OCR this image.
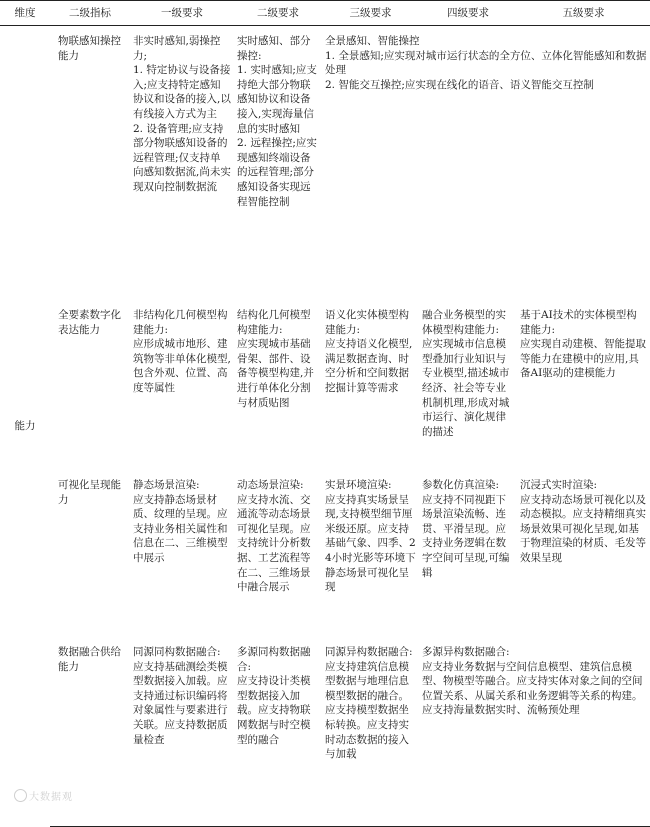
维度	二级指标	一级要求	二级要求	三级要求	四级要求	五级要求
能力	物联感知操控能力	非实时感知,弱操控力;
1. 特定协议与设备接入;应支持特定感知协议和设备的接入,以有线接入方式为主
2. 设备管理;应支持部分物联感知设备的远程管理;仅支持单向感知数据流,尚未实现双向控制数据流	实时感知、部分操控:
1. 实时感知;应支持绝大部分物联感知协议和设备接入,实现海量信息的实时感知
2. 远程操控;应实现感知终端设备的远程管理;部分感知设备实现远程智能控制	全景感知、智能操控
1. 全景感知;应实现对城市运行状态的全方位、立体化智能感知和数据处理
2. 智能交互操控;应实现在线化的语音、语义智能交互控制		
	全要素数字化表达能力	非结构化几何模型构建能力:
应形成城市地形、建筑物等非单体化模型,包含外观、位置、高度等属性	结构化几何模型构建能力:
应实现城市基础骨架、部件、设备等模型构建,并进行单体化分割与材质贴图	语义化实体模型构建能力:
应支持语义化模型,满足数据查询、时空分析和空间数据挖掘计算等需求	融合业务模型的实体模型构建能力:
应实现城市信息模型叠加行业知识与专业模型,描述城市经济、社会等专业机制机理,形成对城市运行、演化规律的描述	基于AI技术的实体模型构建能力:
应实现自动建模、智能提取等能力在建模中的应用,具备AI驱动的建模能力
	可视化呈现能力	静态场景渲染:
应支持静态场景材质、纹理的呈现。应支持业务相关属性和信息在二、三维模型中展示	动态场景渲染:
应支持水流、交通流等动态场景可视化呈现。应支持统计分析数据、工艺流程等在二、三维场景中融合展示	实景环境渲染:
应支持真实场景呈现,支持模型细节厘米级还原。应支持基础气象、四季、24小时光影等环境下静态场景可视化呈现	参数化仿真渲染:
应支持不同视距下场景渲染流畅、连贯、平滑呈现。应支持业务逻辑在数字空间可呈现,可编辑	沉浸式实时渲染:
应支持动态场景可视化以及动态模拟。应支持精细真实场景效果可视化呈现,如基于物理渲染的材质、毛发等效果呈现
	数据融合供给能力	同源同构数据融合:
应支持基础测绘类模型数据接入加载。应支持通过标识编码将对象属性与要素进行关联。应支持数据质量检查	多源同构数据融合:
应支持设计类模型数据接入加载。应支持物联网数据与时空模型的融合	同源异构数据融合:
应支持建筑信息模型数据与地理信息模型数据的融合。应支持模型数据坐标转换。应支持实时动态数据的接入与加载	多源异构数据融合:
应支持业务数据与空间信息模型、建筑信息模型、物模型等融合。应支持实体对象之间的空间位置关系、从属关系和业务逻辑等关系的构建。应支持海量数据实时、流畅预处理	
大数据观
